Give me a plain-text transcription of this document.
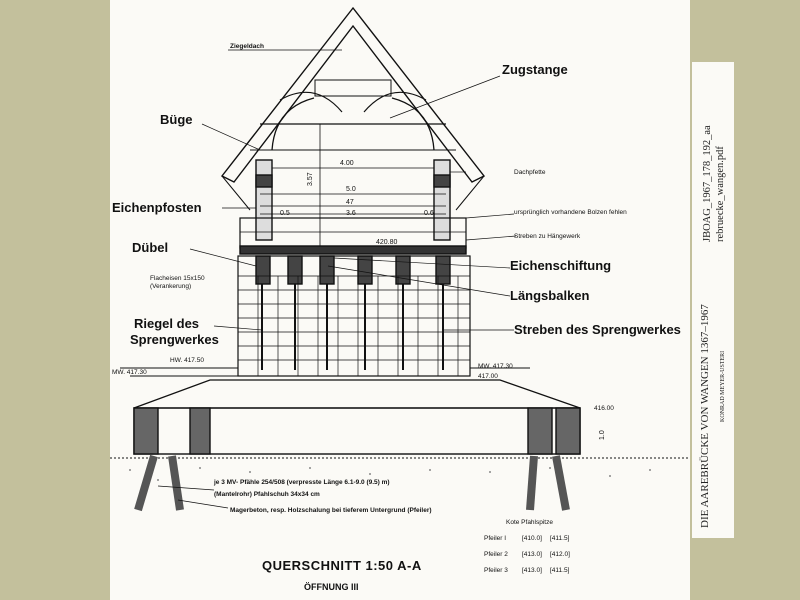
Ziegeldach
Zugstange
Büge
Dachpfette
Eichenpfosten	ursprünglich vorhandene Bolzen fehlen
Streben zu Hängewerk
Dübel
Eichenschiftung
Flacheisen 15x150
(Verankerung)
Längsbalken
Riegel des
Sprengwerkes
Streben des Sprengwerkes
4.00
3.57
5.0
47
3.6
0.5	0.6
420.80
1.0
HW. 417.50
MW. 417.30
MW. 417.30
417.00
416.00
je 3 MV- Pfähle 254/508 (verpresste Länge 6.1-9.0 (9.5) m)
(Mantelrohr) Pfahlschuh 34x34 cm
Magerbeton, resp. Holzschalung bei tieferem Untergrund (Pfeiler)
Kote Pfahlspitze
Pfeiler I [410.0] [411.5]
Pfeiler 2 [413.0] [412.0]
Pfeiler 3 [413.0] [411.5]
QUERSCHNITT 1:50 A-A
ÖFFNUNG III
JBOAG_1967_178_192_aa rebruecke_wangen.pdf
DIE AAREBRÜCKE VON WANGEN 1367–1967 KONRAD MEYER-USTERI
